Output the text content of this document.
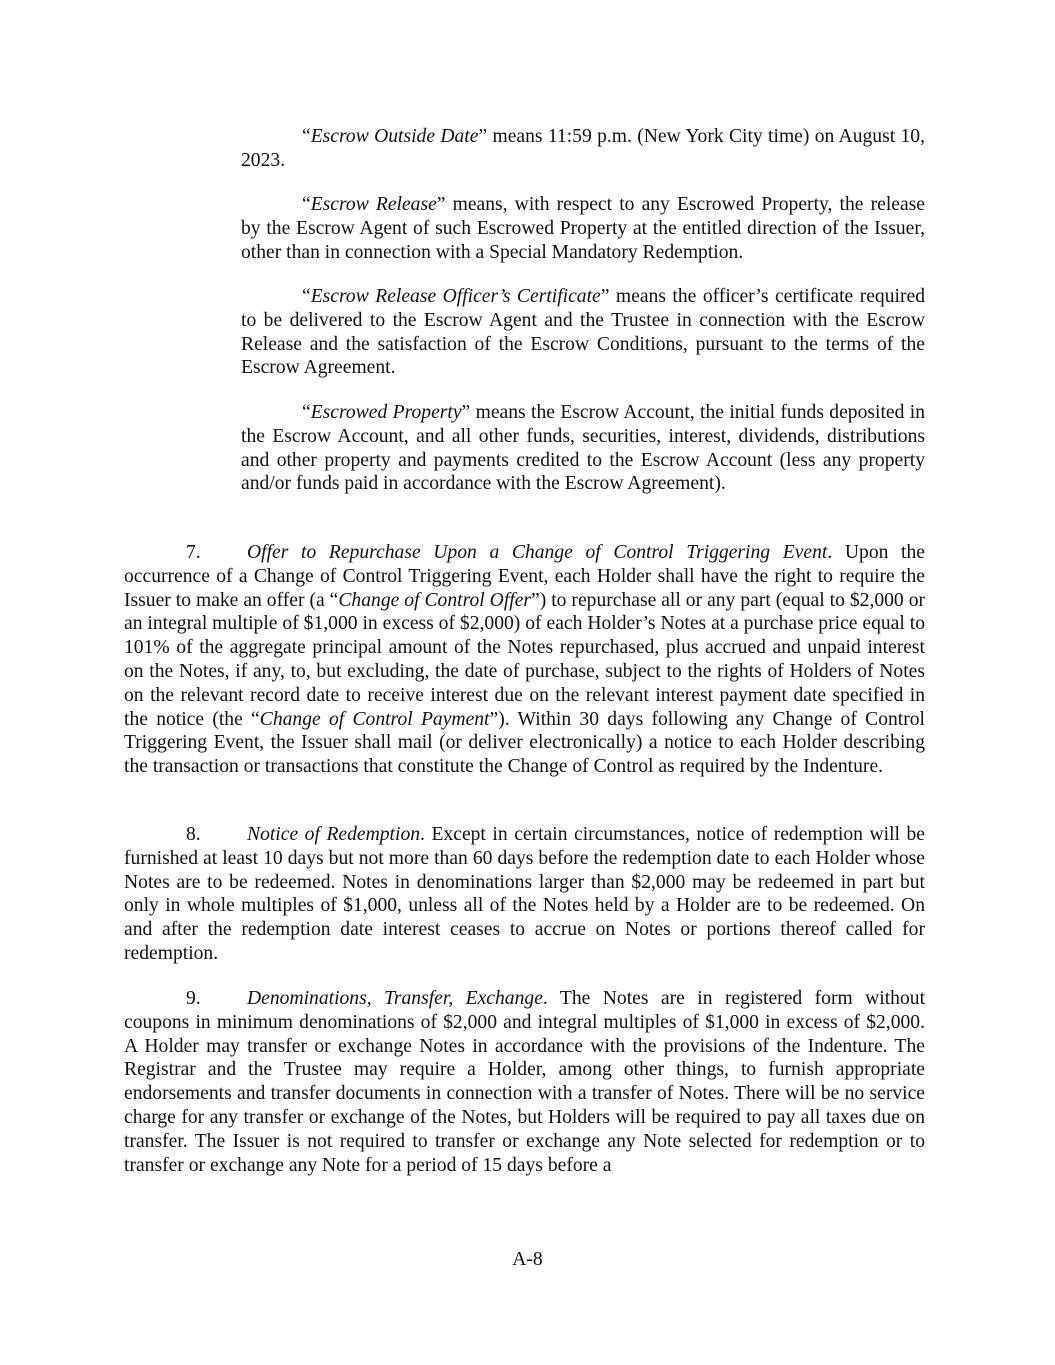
“Escrow Outside Date” means 11:59 p.m. (New York City time) on August 10, 2023.

“Escrow Release” means, with respect to any Escrowed Property, the release by the Escrow Agent of such Escrowed Property at the entitled direction of the Issuer, other than in connection with a Special Mandatory Redemption.

“Escrow Release Officer’s Certificate” means the officer’s certificate required to be delivered to the Escrow Agent and the Trustee in connection with the Escrow Release and the satisfaction of the Escrow Conditions, pursuant to the terms of the Escrow Agreement.

“Escrowed Property” means the Escrow Account, the initial funds deposited in the Escrow Account, and all other funds, securities, interest, dividends, distributions and other property and payments credited to the Escrow Account (less any property and/or funds paid in accordance with the Escrow Agreement).

7. Offer to Repurchase Upon a Change of Control Triggering Event. Upon the occurrence of a Change of Control Triggering Event, each Holder shall have the right to require the Issuer to make an offer (a “Change of Control Offer”) to repurchase all or any part (equal to $2,000 or an integral multiple of $1,000 in excess of $2,000) of each Holder’s Notes at a purchase price equal to 101% of the aggregate principal amount of the Notes repurchased, plus accrued and unpaid interest on the Notes, if any, to, but excluding, the date of purchase, subject to the rights of Holders of Notes on the relevant record date to receive interest due on the relevant interest payment date specified in the notice (the “Change of Control Payment”). Within 30 days following any Change of Control Triggering Event, the Issuer shall mail (or deliver electronically) a notice to each Holder describing the transaction or transactions that constitute the Change of Control as required by the Indenture.

8. Notice of Redemption. Except in certain circumstances, notice of redemption will be furnished at least 10 days but not more than 60 days before the redemption date to each Holder whose Notes are to be redeemed. Notes in denominations larger than $2,000 may be redeemed in part but only in whole multiples of $1,000, unless all of the Notes held by a Holder are to be redeemed. On and after the redemption date interest ceases to accrue on Notes or portions thereof called for redemption.

9. Denominations, Transfer, Exchange. The Notes are in registered form without coupons in minimum denominations of $2,000 and integral multiples of $1,000 in excess of $2,000. A Holder may transfer or exchange Notes in accordance with the provisions of the Indenture. The Registrar and the Trustee may require a Holder, among other things, to furnish appropriate endorsements and transfer documents in connection with a transfer of Notes. There will be no service charge for any transfer or exchange of the Notes, but Holders will be required to pay all taxes due on transfer. The Issuer is not required to transfer or exchange any Note selected for redemption or to transfer or exchange any Note for a period of 15 days before a

A-8
